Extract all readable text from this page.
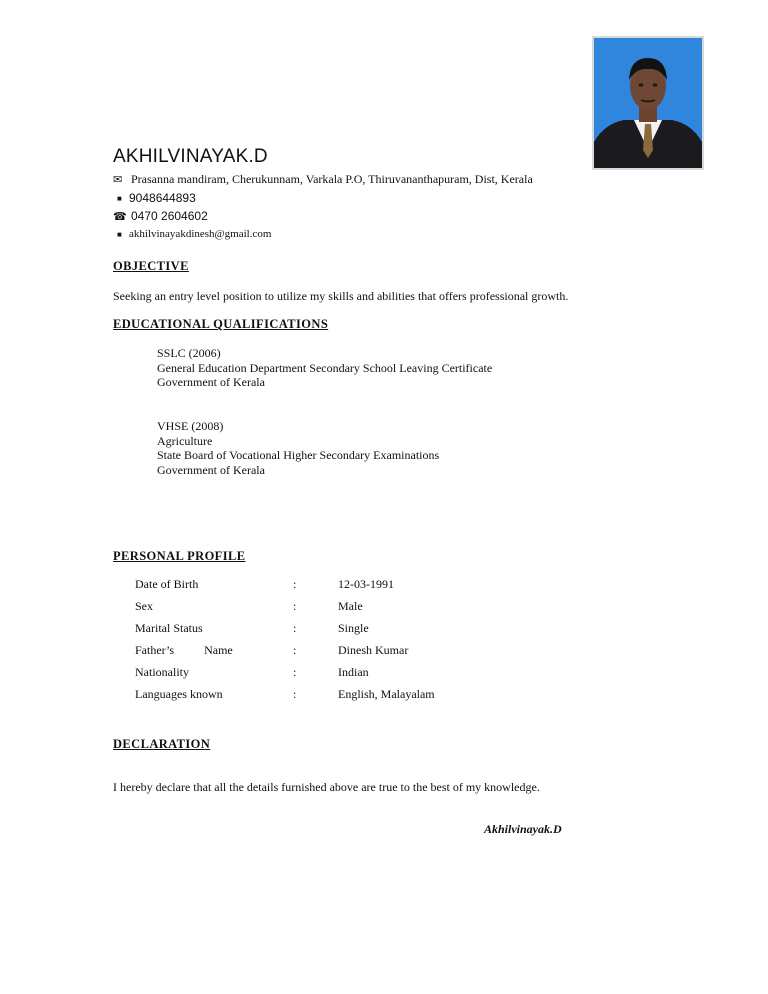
AKHILVINAYAK.D
✉ Prasanna mandiram, Cherukunnam, Varkala P.O, Thiruvananthapuram, Dist, Kerala
■ 9048644893
☎ 0470 2604602
■ akhilvinayakdinesh@gmail.com
OBJECTIVE
Seeking an entry level position to utilize my skills and abilities that offers professional growth.
EDUCATIONAL QUALIFICATIONS
SSLC (2006)
General Education Department Secondary School Leaving Certificate
Government of Kerala
VHSE (2008)
Agriculture
State Board of Vocational Higher Secondary Examinations
Government of Kerala
PERSONAL PROFILE
Date of Birth	:	12-03-1991
Sex	:	Male
Marital Status	:	Single
Father’s          Name	:	Dinesh Kumar
Nationality	:	Indian
Languages known	:	English, Malayalam
DECLARATION
I hereby declare that all the details furnished above are true to the best of my knowledge.
Akhilvinayak.D
